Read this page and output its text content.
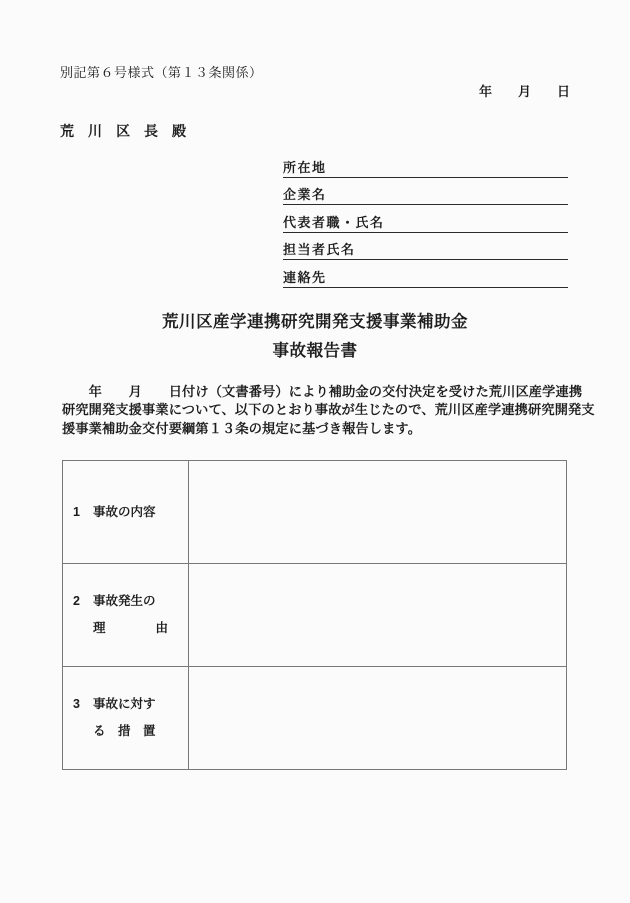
別記第６号様式（第１３条関係）
年　　月　　日
荒　川　区　長　殿
所在地
企業名
代表者職・氏名
担当者氏名
連絡先
荒川区産学連携研究開発支援事業補助金
事故報告書
　　年　　月　　日付け（文書番号）により補助金の交付決定を受けた荒川区産学連携
研究開発支援事業について、以下のとおり事故が生じたので、荒川区産学連携研究開発支
援事業補助金交付要綱第１３条の規定に基づき報告します。
1	事故の内容
2	事故発生の
理　　　　由
3	事故に対す
る　措　置
